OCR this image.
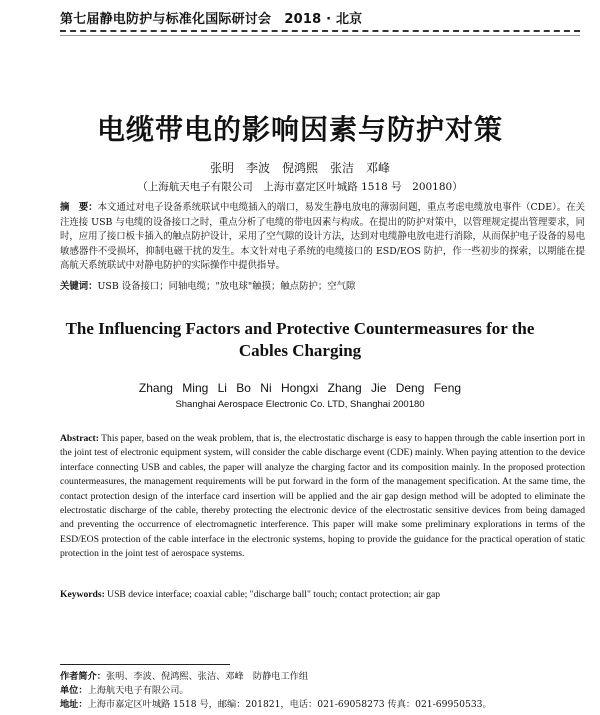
第七届静电防护与标准化国际研讨会　2018 · 北京
电缆带电的影响因素与防护对策
张明　李波　倪鸿熙　张洁　邓峰
（上海航天电子有限公司　上海市嘉定区叶城路 1518 号　200180）
摘　要：本文通过对电子设备系统联试中电缆插入的端口，易发生静电放电的薄弱问题，重点考虑电缆放电事件（CDE）。在关注连接 USB 与电缆的设备接口之时，重点分析了电缆的带电因素与构成。在提出的防护对策中，以管理规定提出管理要求，同时，应用了接口板卡插入的触点防护设计，采用了空气隙的设计方法，达到对电缆静电放电进行消除，从而保护电子设备的易电敏感器件不受损坏，抑制电磁干扰的发生。本文针对电子系统的电缆接口的 ESD/EOS 防护，作一些初步的探索，以期能在提高航天系统联试中对静电防护的实际操作中提供指导。
关键词：USB 设备接口；同轴电缆；"放电球"触摸；触点防护；空气隙
The Influencing Factors and Protective Countermeasures for the Cables Charging
Zhang Ming Li Bo Ni Hongxi Zhang Jie Deng Feng
Shanghai Aerospace Electronic Co. LTD, Shanghai 200180
Abstract: This paper, based on the weak problem, that is, the electrostatic discharge is easy to happen through the cable insertion port in the joint test of electronic equipment system, will consider the cable discharge event (CDE) mainly. When paying attention to the device interface connecting USB and cables, the paper will analyze the charging factor and its composition mainly. In the proposed protection countermeasures, the management requirements will be put forward in the form of the management specification. At the same time, the contact protection design of the interface card insertion will be applied and the air gap design method will be adopted to eliminate the electrostatic discharge of the cable, thereby protecting the electronic device of the electrostatic sensitive devices from being damaged and preventing the occurrence of electromagnetic interference. This paper will make some preliminary explorations in terms of the ESD/EOS protection of the cable interface in the electronic systems, hoping to provide the guidance for the practical operation of static protection in the joint test of aerospace systems.
Keywords: USB device interface; coaxial cable; "discharge ball" touch; contact protection; air gap
作者简介：张明、李波、倪鸿熙、张洁、邓峰　防静电工作组
单位：上海航天电子有限公司。
地址：上海市嘉定区叶城路 1518 号，邮编：201821，电话：021-69058273 传真：021-69950533。
